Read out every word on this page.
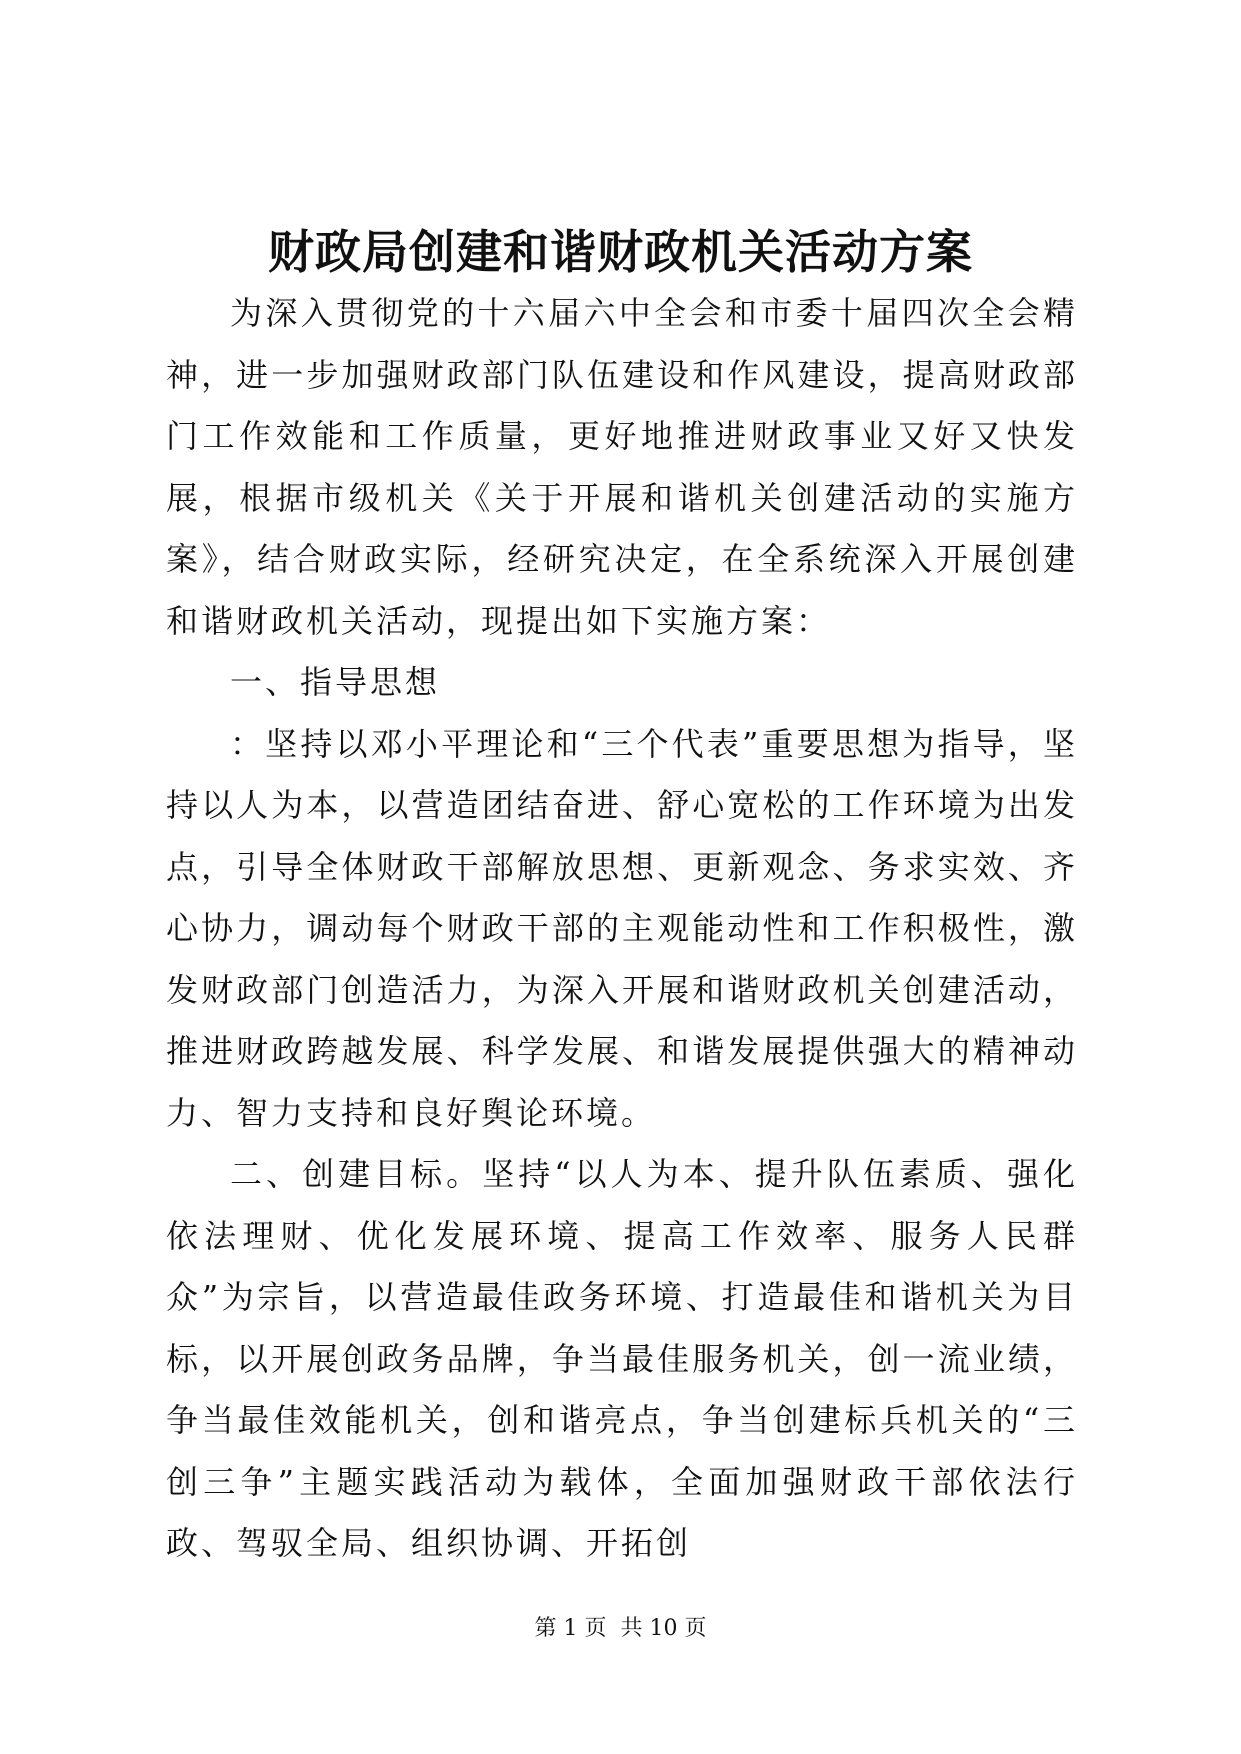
财政局创建和谐财政机关活动方案

为深入贯彻党的十六届六中全会和市委十届四次全会精神，进一步加强财政部门队伍建设和作风建设，提高财政部门工作效能和工作质量，更好地推进财政事业又好又快发展，根据市级机关《关于开展和谐机关创建活动的实施方案》，结合财政实际，经研究决定，在全系统深入开展创建和谐财政机关活动，现提出如下实施方案：

一、指导思想

：坚持以邓小平理论和“三个代表”重要思想为指导，坚持以人为本，以营造团结奋进、舒心宽松的工作环境为出发点，引导全体财政干部解放思想、更新观念、务求实效、齐心协力，调动每个财政干部的主观能动性和工作积极性，激发财政部门创造活力，为深入开展和谐财政机关创建活动，推进财政跨越发展、科学发展、和谐发展提供强大的精神动力、智力支持和良好舆论环境。

二、创建目标。坚持“以人为本、提升队伍素质、强化依法理财、优化发展环境、提高工作效率、服务人民群众”为宗旨，以营造最佳政务环境、打造最佳和谐机关为目标，以开展创政务品牌，争当最佳服务机关，创一流业绩，争当最佳效能机关，创和谐亮点，争当创建标兵机关的“三创三争”主题实践活动为载体，全面加强财政干部依法行政、驾驭全局、组织协调、开拓创

第 1 页  共 10 页
